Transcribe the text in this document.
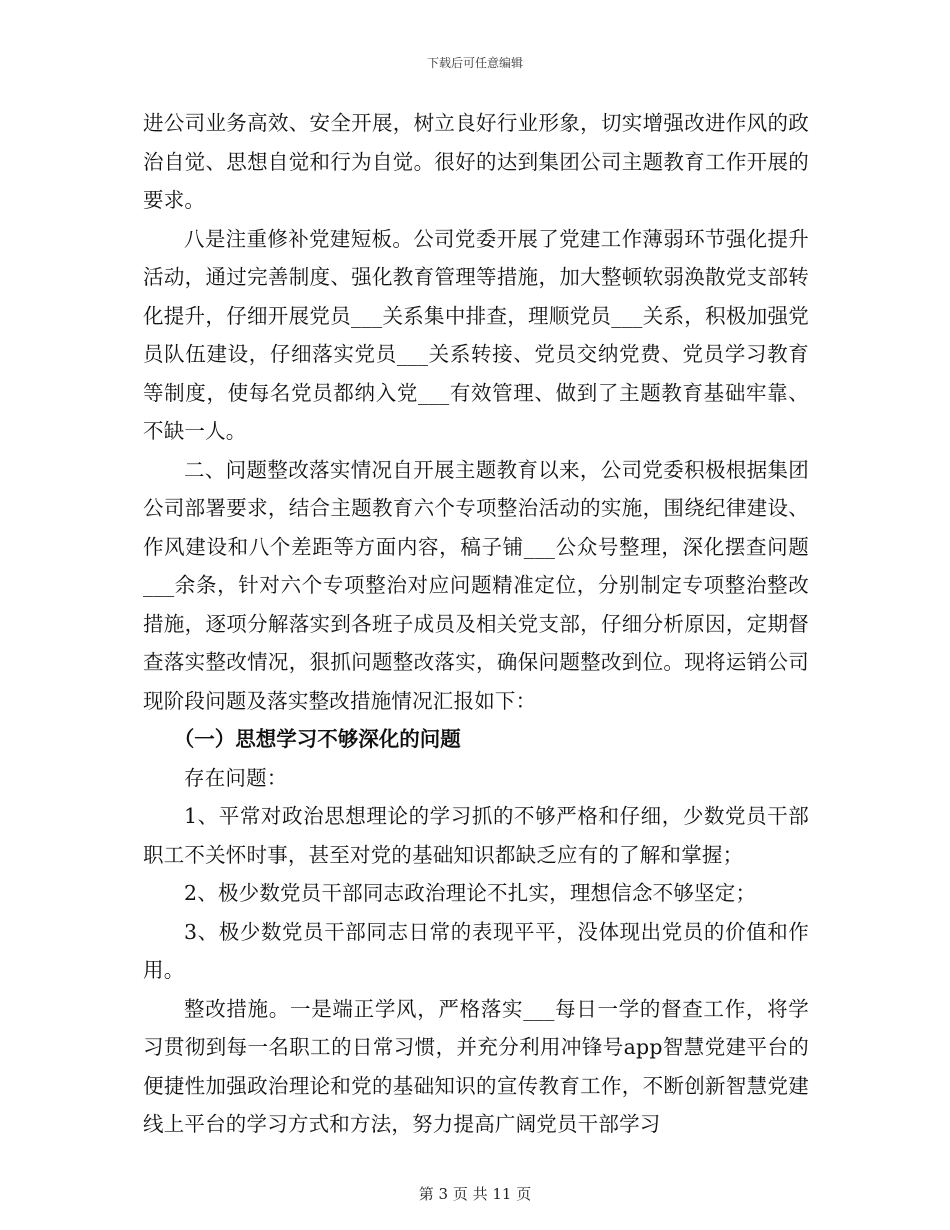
下载后可任意编辑

进公司业务高效、安全开展，树立良好行业形象，切实增强改进作风的政治自觉、思想自觉和行为自觉。很好的达到集团公司主题教育工作开展的要求。

八是注重修补党建短板。公司党委开展了党建工作薄弱环节强化提升活动，通过完善制度、强化教育管理等措施，加大整顿软弱涣散党支部转化提升，仔细开展党员___关系集中排查，理顺党员___关系，积极加强党员队伍建设，仔细落实党员___关系转接、党员交纳党费、党员学习教育等制度，使每名党员都纳入党___有效管理、做到了主题教育基础牢靠、不缺一人。

二、问题整改落实情况自开展主题教育以来，公司党委积极根据集团公司部署要求，结合主题教育六个专项整治活动的实施，围绕纪律建设、作风建设和八个差距等方面内容，稿子铺___公众号整理，深化摆查问题___余条，针对六个专项整治对应问题精准定位，分别制定专项整治整改措施，逐项分解落实到各班子成员及相关党支部，仔细分析原因，定期督查落实整改情况，狠抓问题整改落实，确保问题整改到位。现将运销公司现阶段问题及落实整改措施情况汇报如下：

（一）思想学习不够深化的问题

存在问题：

1、平常对政治思想理论的学习抓的不够严格和仔细，少数党员干部职工不关怀时事，甚至对党的基础知识都缺乏应有的了解和掌握；

2、极少数党员干部同志政治理论不扎实，理想信念不够坚定；

3、极少数党员干部同志日常的表现平平，没体现出党员的价值和作用。

整改措施。一是端正学风，严格落实___每日一学的督查工作，将学习贯彻到每一名职工的日常习惯，并充分利用冲锋号app智慧党建平台的便捷性加强政治理论和党的基础知识的宣传教育工作，不断创新智慧党建线上平台的学习方式和方法，努力提高广阔党员干部学习

第 3 页 共 11 页
